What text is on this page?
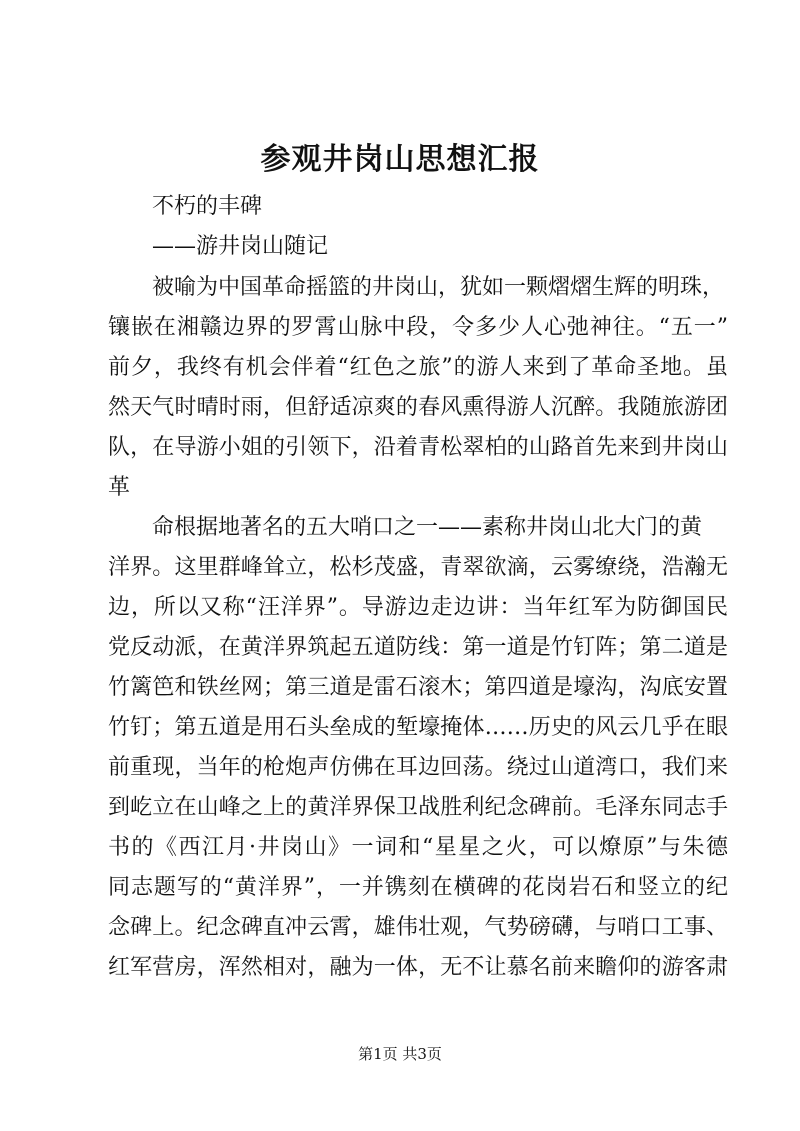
参观井岗山思想汇报

不朽的丰碑

——游井岗山随记

被喻为中国革命摇篮的井岗山，犹如一颗熠熠生辉的明珠，

镶嵌在湘赣边界的罗霄山脉中段，令多少人心弛神往。“五一”

前夕，我终有机会伴着“红色之旅”的游人来到了革命圣地。虽

然天气时晴时雨，但舒适凉爽的春风熏得游人沉醉。我随旅游团

队，在导游小姐的引领下，沿着青松翠柏的山路首先来到井岗山

革

命根据地著名的五大哨口之一——素称井岗山北大门的黄

洋界。这里群峰耸立，松杉茂盛，青翠欲滴，云雾缭绕，浩瀚无

边，所以又称“汪洋界”。导游边走边讲：当年红军为防御国民

党反动派，在黄洋界筑起五道防线：第一道是竹钉阵；第二道是

竹篱笆和铁丝网；第三道是雷石滚木；第四道是壕沟，沟底安置

竹钉；第五道是用石头垒成的堑壕掩体……历史的风云几乎在眼

前重现，当年的枪炮声仿佛在耳边回荡。绕过山道湾口，我们来

到屹立在山峰之上的黄洋界保卫战胜利纪念碑前。毛泽东同志手

书的《西江月·井岗山》一词和“星星之火，可以燎原”与朱德

同志题写的“黄洋界”，一并镌刻在横碑的花岗岩石和竖立的纪

念碑上。纪念碑直冲云霄，雄伟壮观，气势磅礴，与哨口工事、

红军营房，浑然相对，融为一体，无不让慕名前来瞻仰的游客肃

第1页 共3页
